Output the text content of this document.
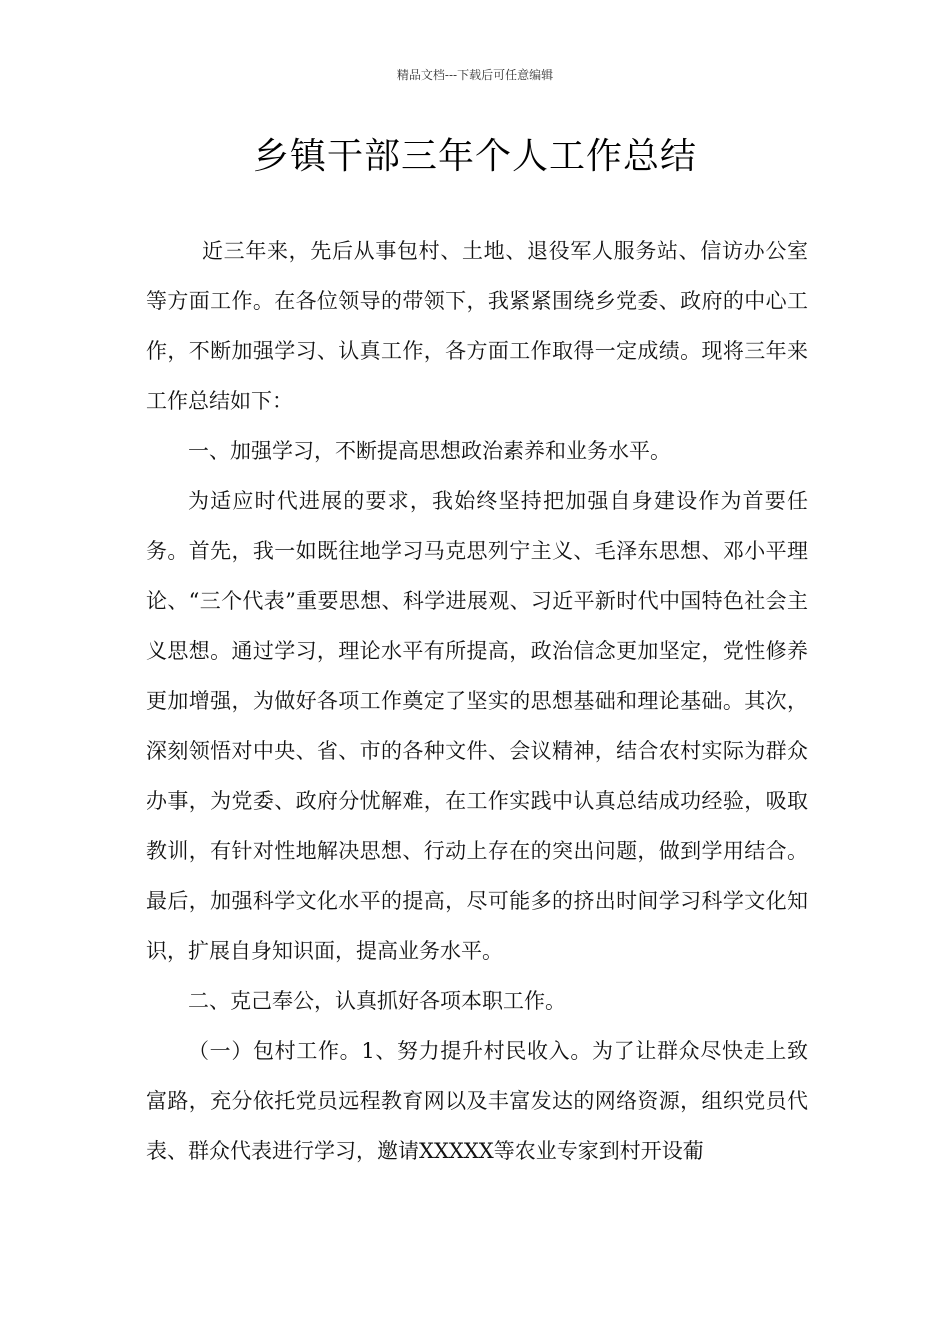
精品文档---下载后可任意编辑
乡镇干部三年个人工作总结

近三年来，先后从事包村、土地、退役军人服务站、信访办公室等方面工作。在各位领导的带领下，我紧紧围绕乡党委、政府的中心工作，不断加强学习、认真工作，各方面工作取得一定成绩。现将三年来工作总结如下：

一、加强学习，不断提高思想政治素养和业务水平。

为适应时代进展的要求，我始终坚持把加强自身建设作为首要任务。首先，我一如既往地学习马克思列宁主义、毛泽东思想、邓小平理论、“三个代表”重要思想、科学进展观、习近平新时代中国特色社会主义思想。通过学习，理论水平有所提高，政治信念更加坚定，党性修养更加增强，为做好各项工作奠定了坚实的思想基础和理论基础。其次，深刻领悟对中央、省、市的各种文件、会议精神，结合农村实际为群众办事，为党委、政府分忧解难，在工作实践中认真总结成功经验，吸取教训，有针对性地解决思想、行动上存在的突出问题，做到学用结合。最后，加强科学文化水平的提高，尽可能多的挤出时间学习科学文化知识，扩展自身知识面，提高业务水平。

二、克己奉公，认真抓好各项本职工作。

（一）包村工作。1、努力提升村民收入。为了让群众尽快走上致富路，充分依托党员远程教育网以及丰富发达的网络资源，组织党员代表、群众代表进行学习，邀请XXXXX等农业专家到村开设葡
